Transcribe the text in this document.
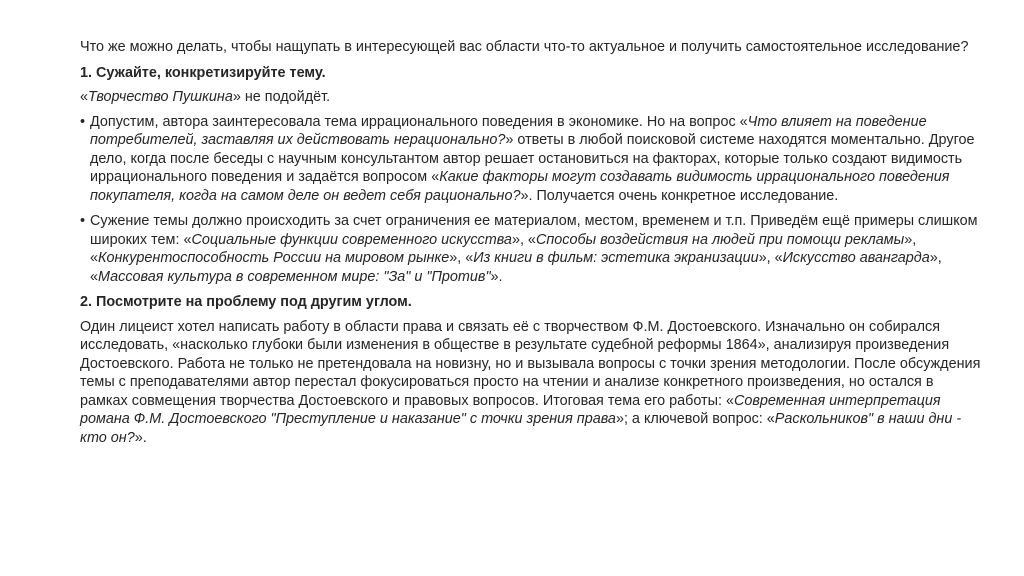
Что же можно делать, чтобы нащупать в интересующей вас области что-то актуальное и получить самостоятельное исследование?

1. Сужайте, конкретизируйте тему.

«Творчество Пушкина» не подойдёт.

• Допустим, автора заинтересовала тема иррационального поведения в экономике. Но на вопрос «Что влияет на поведение потребителей, заставляя их действовать нерационально?» ответы в любой поисковой системе находятся моментально. Другое дело, когда после беседы с научным консультантом автор решает остановиться на факторах, которые только создают видимость иррационального поведения и задаётся вопросом «Какие факторы могут создавать видимость иррационального поведения покупателя, когда на самом деле он ведет себя рационально?». Получается очень конкретное исследование.
• Сужение темы должно происходить за счет ограничения ее материалом, местом, временем и т.п. Приведём ещё примеры слишком широких тем: «Социальные функции современного искусства», «Способы воздействия на людей при помощи рекламы», «Конкурентоспособность России на мировом рынке», «Из книги в фильм: эстетика экранизации», «Искусство авангарда», «Массовая культура в современном мире: "За" и "Против"».

2. Посмотрите на проблему под другим углом.

Один лицеист хотел написать работу в области права и связать её с творчеством Ф.М. Достоевского. Изначально он собирался исследовать, «насколько глубоки были изменения в обществе в результате судебной реформы 1864», анализируя произведения Достоевского. Работа не только не претендовала на новизну, но и вызывала вопросы с точки зрения методологии. После обсуждения темы с преподавателями автор перестал фокусироваться просто на чтении и анализе конкретного произведения, но остался в рамках совмещения творчества Достоевского и правовых вопросов. Итоговая тема его работы: «Современная интерпретация романа Ф.М. Достоевского "Преступление и наказание" с точки зрения права»; а ключевой вопрос: «Раскольников" в наши дни - кто он?».
